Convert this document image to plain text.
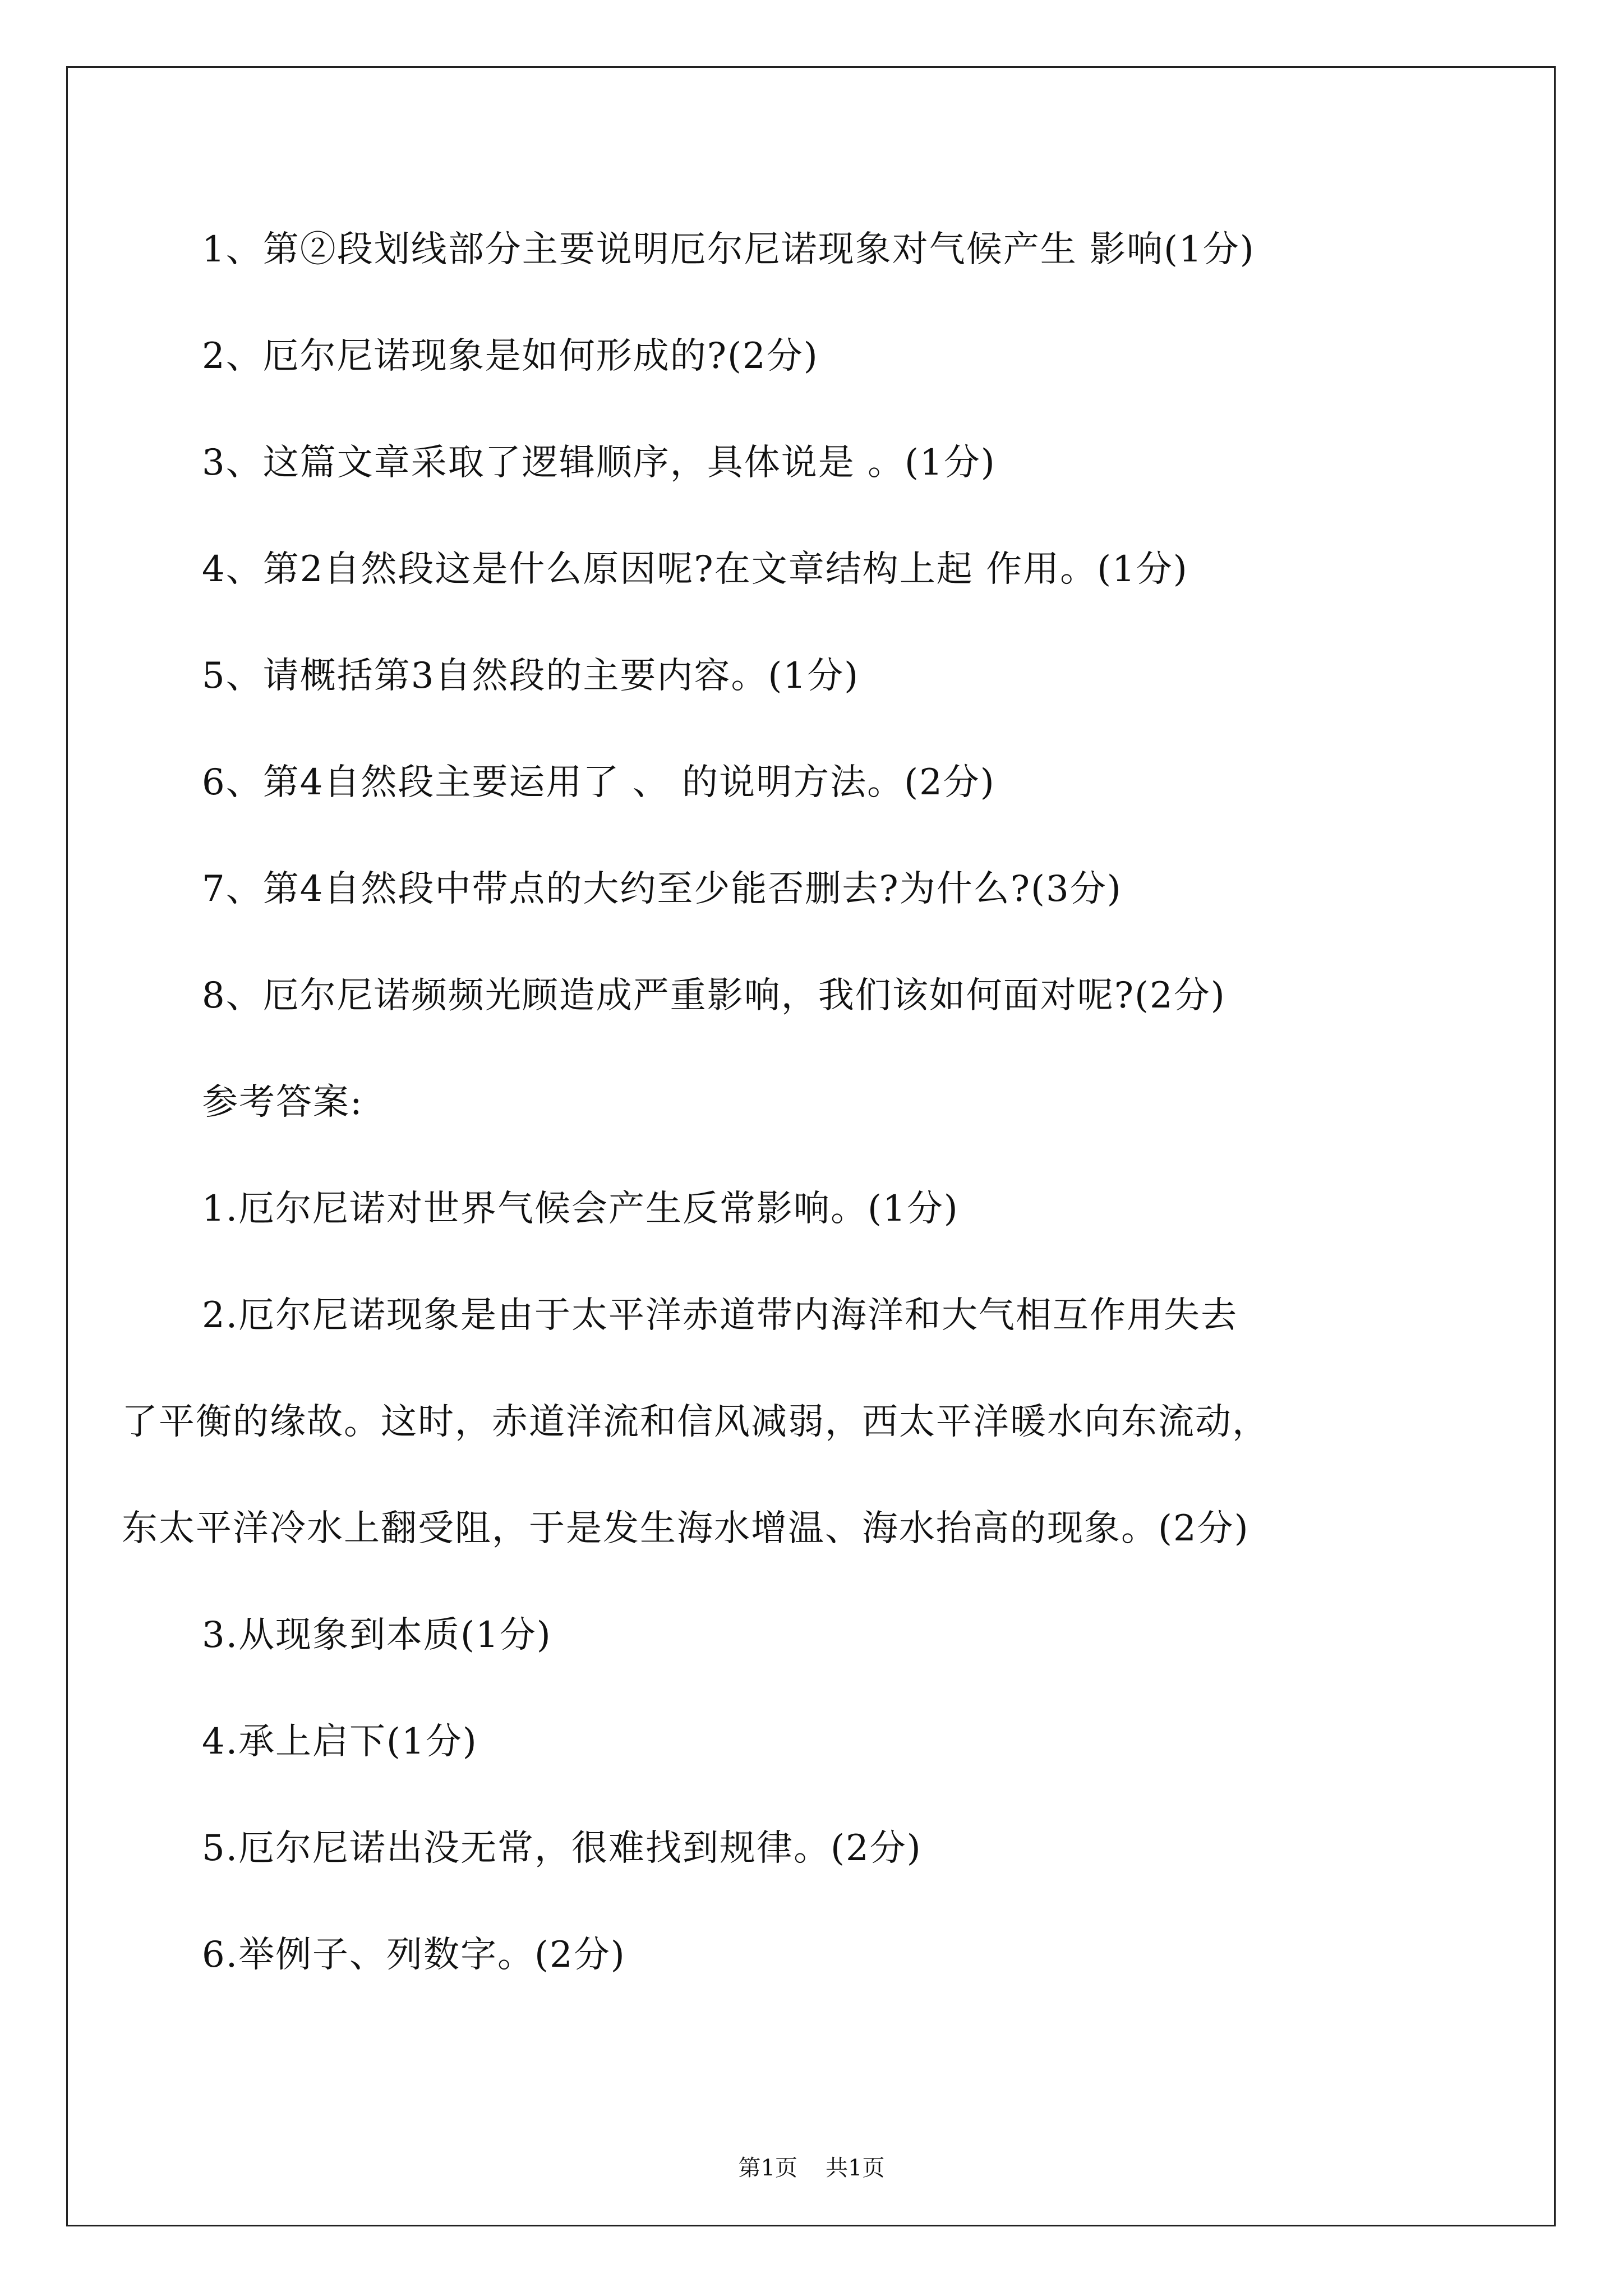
1、第②段划线部分主要说明厄尔尼诺现象对气候产生 影响(1分)
2、厄尔尼诺现象是如何形成的?(2分)
3、这篇文章采取了逻辑顺序，具体说是 。(1分)
4、第2自然段这是什么原因呢?在文章结构上起 作用。(1分)
5、请概括第3自然段的主要内容。(1分)
6、第4自然段主要运用了 、 的说明方法。(2分)
7、第4自然段中带点的大约至少能否删去?为什么?(3分)
8、厄尔尼诺频频光顾造成严重影响，我们该如何面对呢?(2分)
参考答案:
1.厄尔尼诺对世界气候会产生反常影响。(1分)
2.厄尔尼诺现象是由于太平洋赤道带内海洋和大气相互作用失去
了平衡的缘故。这时，赤道洋流和信风减弱，西太平洋暖水向东流动，
东太平洋冷水上翻受阻，于是发生海水增温、海水抬高的现象。(2分)
3.从现象到本质(1分)
4.承上启下(1分)
5.厄尔尼诺出没无常，很难找到规律。(2分)
6.举例子、列数字。(2分)
第1页 共1页
